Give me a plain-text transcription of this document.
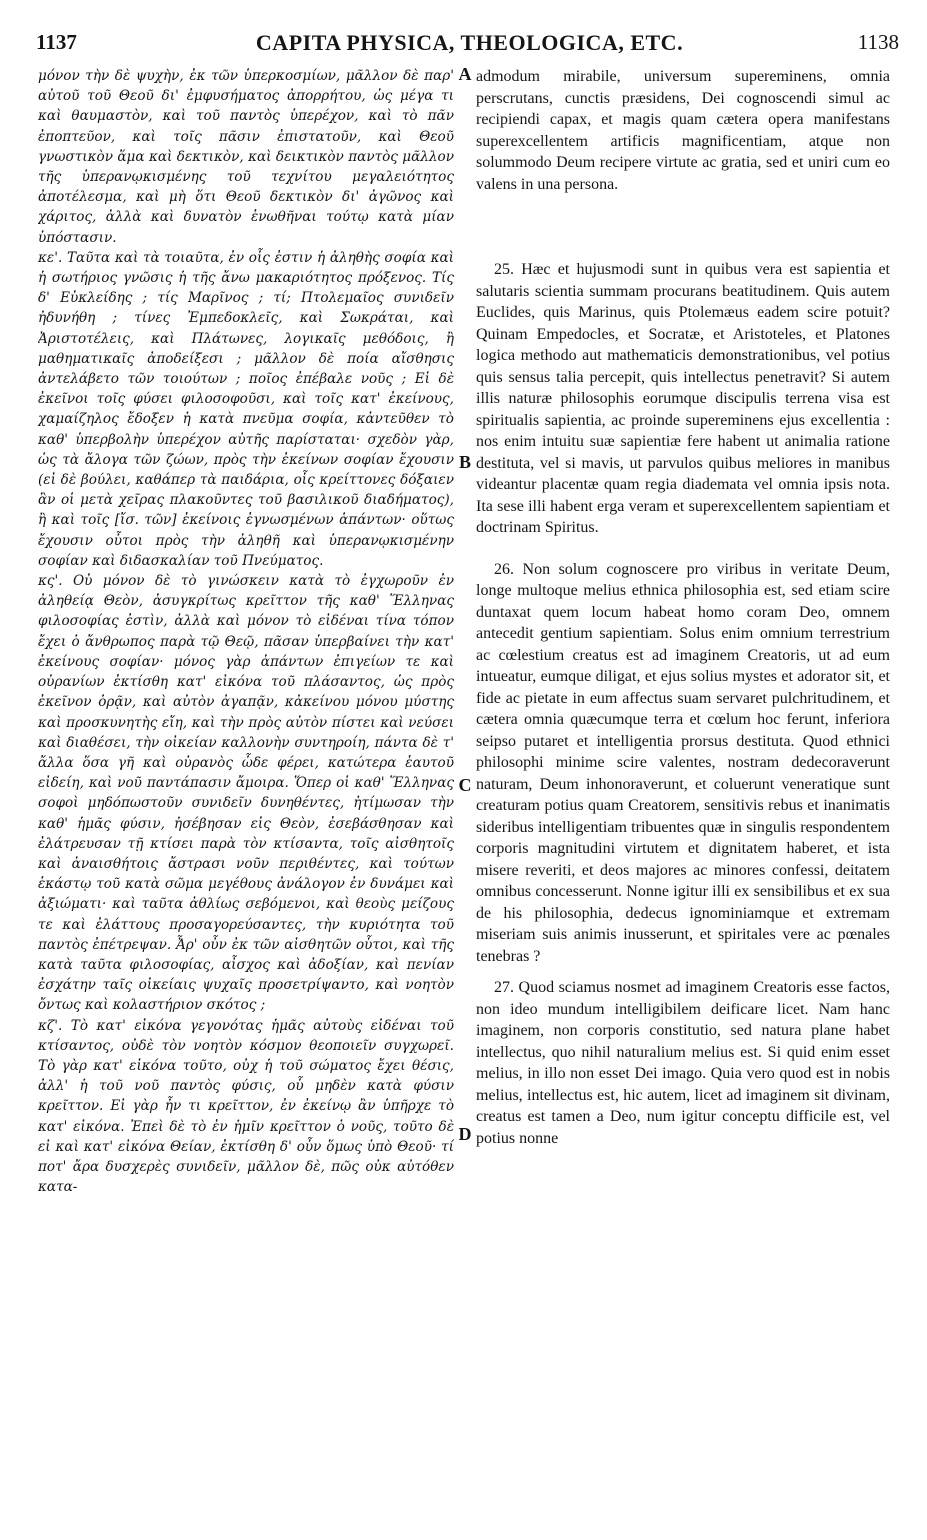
1137	CAPITA PHYSICA, THEOLOGICA, ETC.	1138
A
B
C
D

μόνον τὴν δὲ ψυχὴν, ἐκ τῶν ὑπερκοσμίων, μᾶλλον δὲ παρ' αὐτοῦ τοῦ Θεοῦ δι' ἐμφυσήματος ἀπορρήτου, ὡς μέγα τι καὶ θαυμαστὸν, καὶ τοῦ παντὸς ὑπερέχον, καὶ τὸ πᾶν ἐποπτεῦον, καὶ τοῖς πᾶσιν ἐπιστατοῦν, καὶ Θεοῦ γνωστικὸν ἅμα καὶ δεκτικὸν, καὶ δεικτικὸν παντὸς μᾶλλον τῆς ὑπερανῳκισμένης τοῦ τεχνίτου μεγαλειότητος ἀποτέλεσμα, καὶ μὴ ὅτι Θεοῦ δεκτικὸν δι' ἀγῶνος καὶ χάριτος, ἀλλὰ καὶ δυνατὸν ἑνωθῆναι τούτῳ κατὰ μίαν ὑπόστασιν.

κε'. Ταῦτα καὶ τὰ τοιαῦτα, ἐν οἷς ἐστιν ἡ ἀληθὴς σοφία καὶ ἡ σωτήριος γνῶσις ἡ τῆς ἄνω μακαριότητος πρόξενος. Τίς δ' Εὐκλείδης ; τίς Μαρῖνος ; τί; Πτολεμαῖος συνιδεῖν ἠδυνήθη ; τίνες Ἐμπεδοκλεῖς, καὶ Σωκράται, καὶ Ἀριστοτέλεις, καὶ Πλάτωνες, λογικαῖς μεθόδοις, ἢ μαθηματικαῖς ἀποδείξεσι ; μᾶλλον δὲ ποία αἴσθησις ἀντελάβετο τῶν τοιούτων ; ποῖος ἐπέβαλε νοῦς ; Εἰ δὲ ἐκεῖνοι τοῖς φύσει φιλοσοφοῦσι, καὶ τοῖς κατ' ἐκείνους, χαμαίζηλος ἔδοξεν ἡ κατὰ πνεῦμα σοφία, κἀντεῦθεν τὸ καθ' ὑπερβολὴν ὑπερέχον αὐτῆς παρίσταται· σχεδὸν γὰρ, ὡς τὰ ἄλογα τῶν ζώων, πρὸς τὴν ἐκείνων σοφίαν ἔχουσιν (εἰ δὲ βούλει, καθάπερ τὰ παιδάρια, οἷς κρείττονες δόξαιεν ἂν οἱ μετὰ χεῖρας πλακοῦντες τοῦ βασιλικοῦ διαδήματος), ἢ καὶ τοῖς [ἴσ. τῶν] ἐκείνοις ἐγνωσμένων ἁπάντων· οὕτως ἔχουσιν οὗτοι πρὸς τὴν ἀληθῆ καὶ ὑπερανῳκισμένην σοφίαν καὶ διδασκαλίαν τοῦ Πνεύματος.

κς'. Οὐ μόνον δὲ τὸ γινώσκειν κατὰ τὸ ἐγχωροῦν ἐν ἀληθείᾳ Θεὸν, ἀσυγκρίτως κρεῖττον τῆς καθ' Ἕλληνας φιλοσοφίας ἐστὶν, ἀλλὰ καὶ μόνον τὸ εἰδέναι τίνα τόπον ἔχει ὁ ἄνθρωπος παρὰ τῷ Θεῷ, πᾶσαν ὑπερβαίνει τὴν κατ' ἐκείνους σοφίαν· μόνος γὰρ ἁπάντων ἐπιγείων τε καὶ οὐρανίων ἐκτίσθη κατ' εἰκόνα τοῦ πλάσαντος, ὡς πρὸς ἐκεῖνον ὁρᾷν, καὶ αὐτὸν ἀγαπᾷν, κἀκείνου μόνου μύστης καὶ προσκυνητὴς εἴη, καὶ τὴν πρὸς αὐτὸν πίστει καὶ νεύσει καὶ διαθέσει, τὴν οἰκείαν καλλονὴν συντηροίη, πάντα δὲ τ' ἄλλα ὅσα γῆ καὶ οὐρανὸς ὧδε φέρει, κατώτερα ἑαυτοῦ εἰδείη, καὶ νοῦ παντάπασιν ἄμοιρα. Ὅπερ οἱ καθ' Ἕλληνας σοφοὶ μηδόπωστοῦν συνιδεῖν δυνηθέντες, ἠτίμωσαν τὴν καθ' ἡμᾶς φύσιν, ἠσέβησαν εἰς Θεὸν, ἐσεβάσθησαν καὶ ἐλάτρευσαν τῇ κτίσει παρὰ τὸν κτίσαντα, τοῖς αἰσθητοῖς καὶ ἀναισθήτοις ἄστρασι νοῦν περιθέντες, καὶ τούτων ἑκάστῳ τοῦ κατὰ σῶμα μεγέθους ἀνάλογον ἐν δυνάμει καὶ ἀξιώματι· καὶ ταῦτα ἀθλίως σεβόμενοι, καὶ θεοὺς μείζους τε καὶ ἐλάττους προσαγορεύσαντες, τὴν κυριότητα τοῦ παντὸς ἐπέτρεψαν. Ἆρ' οὖν ἐκ τῶν αἰσθητῶν οὗτοι, καὶ τῆς κατὰ ταῦτα φιλοσοφίας, αἶσχος καὶ ἀδοξίαν, καὶ πενίαν ἐσχάτην ταῖς οἰκείαις ψυχαῖς προσετρίψαντο, καὶ νοητὸν ὄντως καὶ κολαστήριον σκότος ;

κζ'. Τὸ κατ' εἰκόνα γεγονότας ἡμᾶς αὐτοὺς εἰδέναι τοῦ κτίσαντος, οὐδὲ τὸν νοητὸν κόσμον θεοποιεῖν συγχωρεῖ. Τὸ γὰρ κατ' εἰκόνα τοῦτο, οὐχ ἡ τοῦ σώματος ἔχει θέσις, ἀλλ' ἡ τοῦ νοῦ παντὸς φύσις, οὗ μηδὲν κατὰ φύσιν κρεῖττον. Εἰ γὰρ ἦν τι κρεῖττον, ἐν ἐκείνῳ ἂν ὑπῆρχε τὸ κατ' εἰκόνα. Ἐπεὶ δὲ τὸ ἐν ἡμῖν κρεῖττον ὁ νοῦς, τοῦτο δὲ εἰ καὶ κατ' εἰκόνα Θείαν, ἐκτίσθη δ' οὖν ὅμως ὑπὸ Θεοῦ· τί ποτ' ἄρα δυσχερὲς συνιδεῖν, μᾶλλον δὲ, πῶς οὐκ αὐτόθεν κατα-

admodum mirabile, universum supereminens, omnia perscrutans, cunctis præsidens, Dei cognoscendi simul ac recipiendi capax, et magis quam cætera opera manifestans superexcellentem artificis magnificentiam, atque non solummodo Deum recipere virtute ac gratia, sed et uniri cum eo valens in una persona.

25. Hæc et hujusmodi sunt in quibus vera est sapientia et salutaris scientia summam procurans beatitudinem. Quis autem Euclides, quis Marinus, quis Ptolemæus eadem scire potuit? Quinam Empedocles, et Socratæ, et Aristoteles, et Platones logica methodo aut mathematicis demonstrationibus, vel potius quis sensus talia percepit, quis intellectus penetravit? Si autem illis naturæ philosophis eorumque discipulis terrena visa est spiritualis sapientia, ac proinde supereminens ejus excellentia : nos enim intuitu suæ sapientiæ fere habent ut animalia ratione destituta, vel si mavis, ut parvulos quibus meliores in manibus videantur placentæ quam regia diademata vel omnia ipsis nota. Ita sese illi habent erga veram et superexcellentem sapientiam et doctrinam Spiritus.

26. Non solum cognoscere pro viribus in veritate Deum, longe multoque melius ethnica philosophia est, sed etiam scire duntaxat quem locum habeat homo coram Deo, omnem antecedit gentium sapientiam. Solus enim omnium terrestrium ac cœlestium creatus est ad imaginem Creatoris, ut ad eum intueatur, eumque diligat, et ejus solius mystes et adorator sit, et fide ac pietate in eum affectus suam servaret pulchritudinem, et cætera omnia quæcumque terra et cœlum hoc ferunt, inferiora seipso putaret et intelligentia prorsus destituta. Quod ethnici philosophi minime scire valentes, nostram dedecoraverunt naturam, Deum inhonoraverunt, et coluerunt veneratique sunt creaturam potius quam Creatorem, sensitivis rebus et inanimatis sideribus intelligentiam tribuentes quæ in singulis respondentem corporis magnitudini virtutem et dignitatem haberet, et ista misere reveriti, et deos majores ac minores confessi, deitatem omnibus concesserunt. Nonne igitur illi ex sensibilibus et ex sua de his philosophia, dedecus ignominiamque et extremam miseriam suis animis inusserunt, et spiritales vere ac pœnales tenebras ?

27. Quod sciamus nosmet ad imaginem Creatoris esse factos, non ideo mundum intelligibilem deificare licet. Nam hanc imaginem, non corporis constitutio, sed natura plane habet intellectus, quo nihil naturalium melius est. Si quid enim esset melius, in illo non esset Dei imago. Quia vero quod est in nobis melius, intellectus est, hic autem, licet ad imaginem sit divinam, creatus est tamen a Deo, num igitur conceptu difficile est, vel potius nonne
